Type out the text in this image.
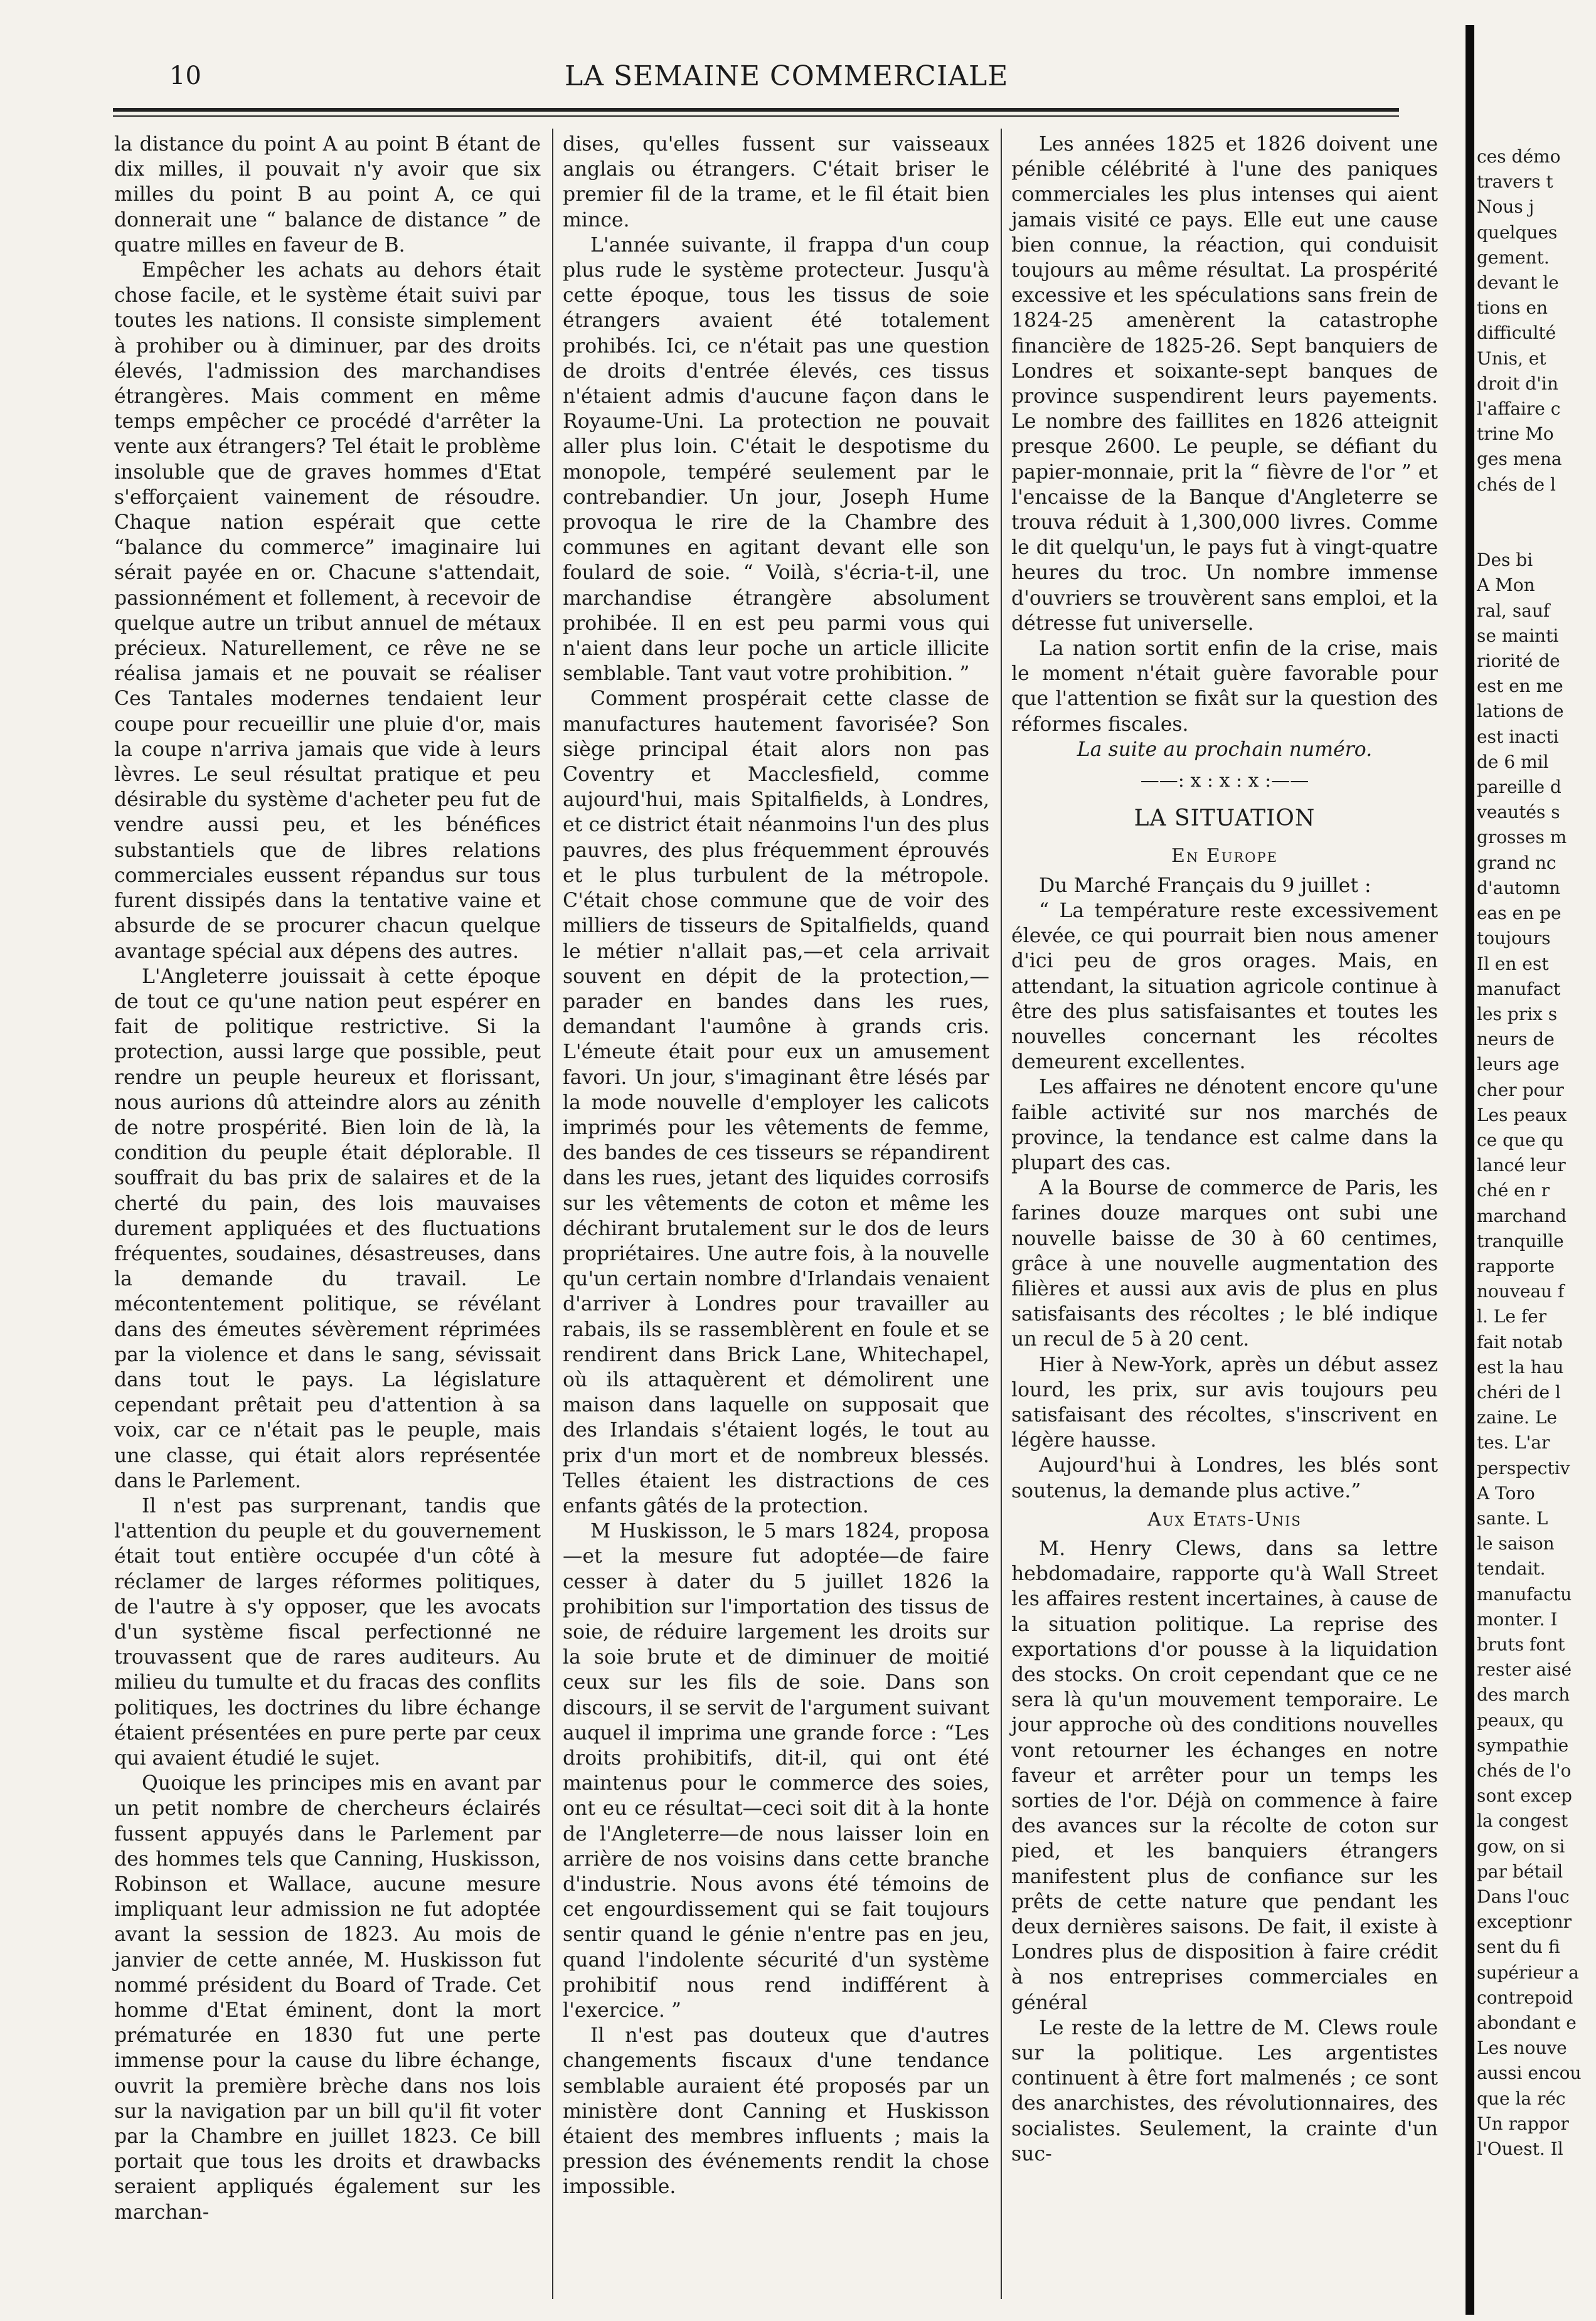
10	LA SEMAINE COMMERCIALE

la distance du point A au point B étant de dix milles, il pouvait n'y avoir que six milles du point B au point A, ce qui donnerait une “ balance de distance ” de quatre milles en faveur de B.

Empêcher les achats au dehors était chose facile, et le système était suivi par toutes les nations. Il consiste simplement à prohiber ou à diminuer, par des droits élevés, l'admission des marchandises étrangères. Mais comment en même temps empêcher ce procédé d'arrêter la vente aux étrangers? Tel était le problème insoluble que de graves hommes d'Etat s'efforçaient vainement de résoudre. Chaque nation espérait que cette “balance du commerce” imaginaire lui sérait payée en or. Chacune s'attendait, passionnément et follement, à recevoir de quelque autre un tribut annuel de métaux précieux. Naturellement, ce rêve ne se réalisa jamais et ne pouvait se réaliser Ces Tantales modernes tendaient leur coupe pour recueillir une pluie d'or, mais la coupe n'arriva jamais que vide à leurs lèvres. Le seul résultat pratique et peu désirable du système d'acheter peu fut de vendre aussi peu, et les bénéfices substantiels que de libres relations commerciales eussent répandus sur tous furent dissipés dans la tentative vaine et absurde de se procurer chacun quelque avantage spécial aux dépens des autres.

L'Angleterre jouissait à cette époque de tout ce qu'une nation peut espérer en fait de politique restrictive. Si la protection, aussi large que possible, peut rendre un peuple heureux et florissant, nous aurions dû atteindre alors au zénith de notre prospérité. Bien loin de là, la condition du peuple était déplorable. Il souffrait du bas prix de salaires et de la cherté du pain, des lois mauvaises durement appliquées et des fluctuations fréquentes, soudaines, désastreuses, dans la demande du travail. Le mécontentement politique, se révélant dans des émeutes sévèrement réprimées par la violence et dans le sang, sévissait dans tout le pays. La législature cependant prêtait peu d'attention à sa voix, car ce n'était pas le peuple, mais une classe, qui était alors représentée dans le Parlement.

Il n'est pas surprenant, tandis que l'attention du peuple et du gouvernement était tout entière occupée d'un côté à réclamer de larges réformes politiques, de l'autre à s'y opposer, que les avocats d'un système fiscal perfectionné ne trouvassent que de rares auditeurs. Au milieu du tumulte et du fracas des conflits politiques, les doctrines du libre échange étaient présentées en pure perte par ceux qui avaient étudié le sujet.

Quoique les principes mis en avant par un petit nombre de chercheurs éclairés fussent appuyés dans le Parlement par des hommes tels que Canning, Huskisson, Robinson et Wallace, aucune mesure impliquant leur admission ne fut adoptée avant la session de 1823. Au mois de janvier de cette année, M. Huskisson fut nommé président du Board of Trade. Cet homme d'Etat éminent, dont la mort prématurée en 1830 fut une perte immense pour la cause du libre échange, ouvrit la première brèche dans nos lois sur la navigation par un bill qu'il fit voter par la Chambre en juillet 1823. Ce bill portait que tous les droits et drawbacks seraient appliqués également sur les marchan-

dises, qu'elles fussent sur vaisseaux anglais ou étrangers. C'était briser le premier fil de la trame, et le fil était bien mince.

L'année suivante, il frappa d'un coup plus rude le système protecteur. Jusqu'à cette époque, tous les tissus de soie étrangers avaient été totalement prohibés. Ici, ce n'était pas une question de droits d'entrée élevés, ces tissus n'étaient admis d'aucune façon dans le Royaume-Uni. La protection ne pouvait aller plus loin. C'était le despotisme du monopole, tempéré seulement par le contrebandier. Un jour, Joseph Hume provoqua le rire de la Chambre des communes en agitant devant elle son foulard de soie. “ Voilà, s'écria-t-il, une marchandise étrangère absolument prohibée. Il en est peu parmi vous qui n'aient dans leur poche un article illicite semblable. Tant vaut votre prohibition. ”

Comment prospérait cette classe de manufactures hautement favorisée? Son siège principal était alors non pas Coventry et Macclesfield, comme aujourd'hui, mais Spitalfields, à Londres, et ce district était néanmoins l'un des plus pauvres, des plus fréquemment éprouvés et le plus turbulent de la métropole. C'était chose commune que de voir des milliers de tisseurs de Spitalfields, quand le métier n'allait pas,—et cela arrivait souvent en dépit de la protection,—parader en bandes dans les rues, demandant l'aumône à grands cris. L'émeute était pour eux un amusement favori. Un jour, s'imaginant être lésés par la mode nouvelle d'employer les calicots imprimés pour les vêtements de femme, des bandes de ces tisseurs se répandirent dans les rues, jetant des liquides corrosifs sur les vêtements de coton et même les déchirant brutalement sur le dos de leurs propriétaires. Une autre fois, à la nouvelle qu'un certain nombre d'Irlandais venaient d'arriver à Londres pour travailler au rabais, ils se rassemblèrent en foule et se rendirent dans Brick Lane, Whitechapel, où ils attaquèrent et démolirent une maison dans laquelle on supposait que des Irlandais s'étaient logés, le tout au prix d'un mort et de nombreux blessés. Telles étaient les distractions de ces enfants gâtés de la protection.

M Huskisson, le 5 mars 1824, proposa—et la mesure fut adoptée—de faire cesser à dater du 5 juillet 1826 la prohibition sur l'importation des tissus de soie, de réduire largement les droits sur la soie brute et de diminuer de moitié ceux sur les fils de soie. Dans son discours, il se servit de l'argument suivant auquel il imprima une grande force : “Les droits prohibitifs, dit-il, qui ont été maintenus pour le commerce des soies, ont eu ce résultat—ceci soit dit à la honte de l'Angleterre—de nous laisser loin en arrière de nos voisins dans cette branche d'industrie. Nous avons été témoins de cet engourdissement qui se fait toujours sentir quand le génie n'entre pas en jeu, quand l'indolente sécurité d'un système prohibitif nous rend indifférent à l'exercice. ”

Il n'est pas douteux que d'autres changements fiscaux d'une tendance semblable auraient été proposés par un ministère dont Canning et Huskisson étaient des membres influents ; mais la pression des événements rendit la chose impossible.

Les années 1825 et 1826 doivent une pénible célébrité à l'une des paniques commerciales les plus intenses qui aient jamais visité ce pays. Elle eut une cause bien connue, la réaction, qui conduisit toujours au même résultat. La prospérité excessive et les spéculations sans frein de 1824-25 amenèrent la catastrophe financière de 1825-26. Sept banquiers de Londres et soixante-sept banques de province suspendirent leurs payements. Le nombre des faillites en 1826 atteignit presque 2600. Le peuple, se défiant du papier-monnaie, prit la “ fièvre de l'or ” et l'encaisse de la Banque d'Angleterre se trouva réduit à 1,300,000 livres. Comme le dit quelqu'un, le pays fut à vingt-quatre heures du troc. Un nombre immense d'ouvriers se trouvèrent sans emploi, et la détresse fut universelle.

La nation sortit enfin de la crise, mais le moment n'était guère favorable pour que l'attention se fixât sur la question des réformes fiscales.

La suite au prochain numéro.

——: x : x : x :——
LA SITUATION
En Europe

Du Marché Français du 9 juillet :

“ La température reste excessivement élevée, ce qui pourrait bien nous amener d'ici peu de gros orages. Mais, en attendant, la situation agricole continue à être des plus satisfaisantes et toutes les nouvelles concernant les récoltes demeurent excellentes.

Les affaires ne dénotent encore qu'une faible activité sur nos marchés de province, la tendance est calme dans la plupart des cas.

A la Bourse de commerce de Paris, les farines douze marques ont subi une nouvelle baisse de 30 à 60 centimes, grâce à une nouvelle augmentation des filières et aussi aux avis de plus en plus satisfaisants des récoltes ; le blé indique un recul de 5 à 20 cent.

Hier à New-York, après un début assez lourd, les prix, sur avis toujours peu satisfaisant des récoltes, s'inscrivent en légère hausse.

Aujourd'hui à Londres, les blés sont soutenus, la demande plus active.”

Aux Etats-Unis

M. Henry Clews, dans sa lettre hebdomadaire, rapporte qu'à Wall Street les affaires restent incertaines, à cause de la situation politique. La reprise des exportations d'or pousse à la liquidation des stocks. On croit cependant que ce ne sera là qu'un mouvement temporaire. Le jour approche où des conditions nouvelles vont retourner les échanges en notre faveur et arrêter pour un temps les sorties de l'or. Déjà on commence à faire des avances sur la récolte de coton sur pied, et les banquiers étrangers manifestent plus de confiance sur les prêts de cette nature que pendant les deux dernières saisons. De fait, il existe à Londres plus de disposition à faire crédit à nos entreprises commerciales en général

Le reste de la lettre de M. Clews roule sur la politique. Les argentistes continuent à être fort malmenés ; ce sont des anarchistes, des révolutionnaires, des socialistes. Seulement, la crainte d'un suc-

ces démo
travers t
Nous j
quelques
gement.
devant le
tions en
difficulté
Unis, et
droit d'in
l'affaire c
trine Mo
ges mena
chés de l

Des bi
A Mon
ral, sauf
se mainti
riorité de
est en me
lations de
est inacti
de 6 mil
pareille d
veautés s
grosses m
grand nc
d'automn
eas en pe
toujours
Il en est
manufact
les prix s
neurs de
leurs age
cher pour
Les peaux
ce que qu
lancé leur
ché en r
marchand
tranquille
rapporte
nouveau f
l. Le fer
fait notab
est la hau
chéri de l
zaine. Le
tes. L'ar
perspectiv
A Toro
sante. L
le saison
tendait.
manufactu
monter. I
bruts font
rester aisé
des march
peaux, qu
sympathie
chés de l'o
sont excep
la congest
gow, on si
par bétail
Dans l'ouc
exceptionr
sent du fi
supérieur a
contrepoid
abondant e
Les nouve
aussi encou
que la réc
Un rappor
l'Ouest. Il
